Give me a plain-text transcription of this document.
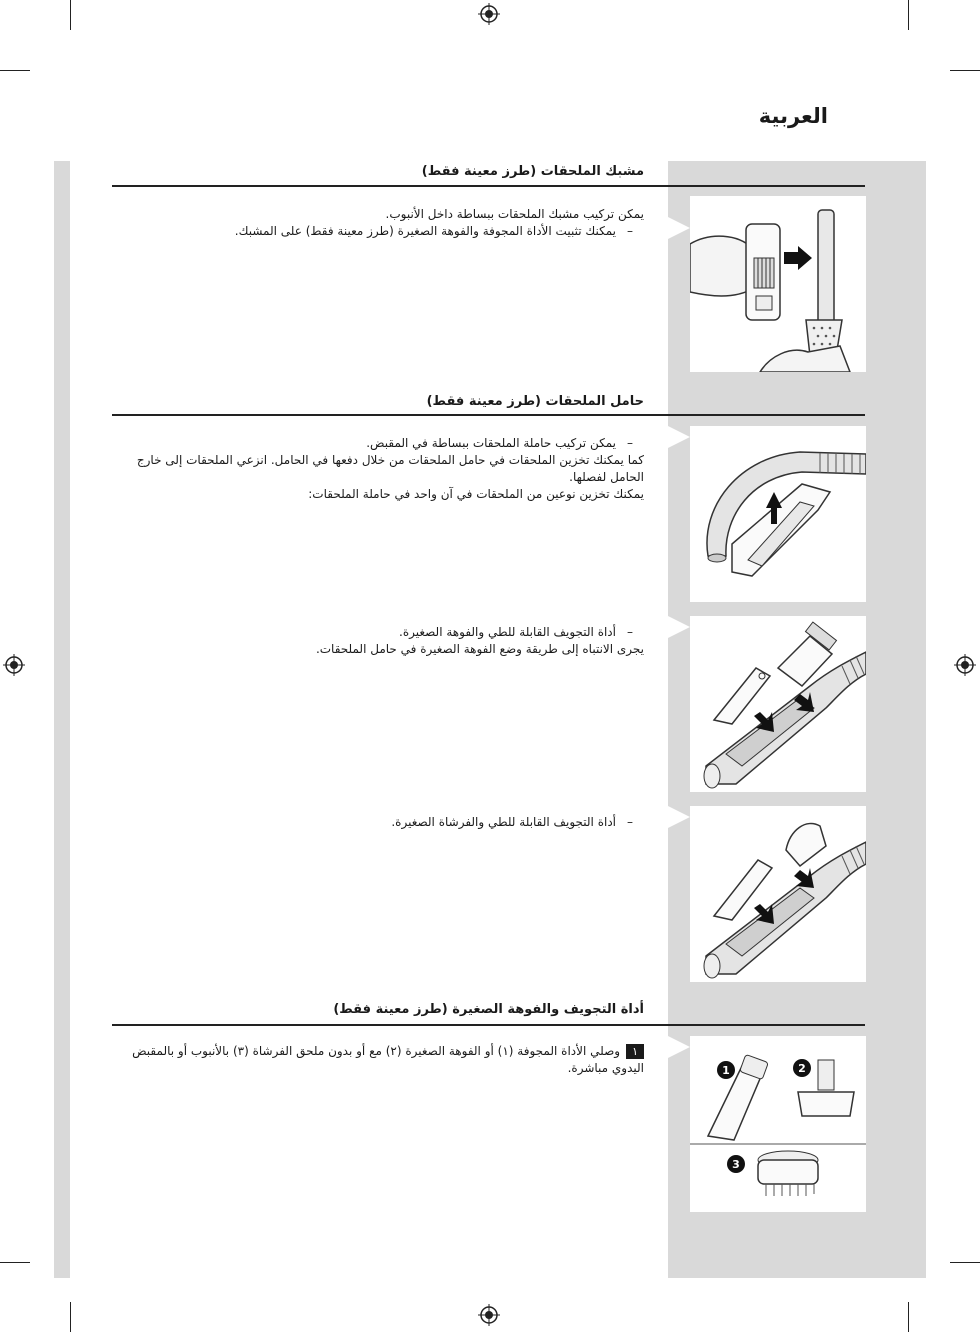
العربية
مشبك الملحقات (طرز معينة فقط)

يمكن تركيب مشبك الملحقات ببساطة داخل الأنبوب.

– يمكنك تثبيت الأداة المجوفة والفوهة الصغيرة (طرز معينة فقط) على المشبك.

حامل الملحقات (طرز معينة فقط)

– يمكن تركيب حاملة الملحقات ببساطة في المقبض.

كما يمكنك تخزين الملحقات في حامل الملحقات من خلال دفعها في الحامل. انزعي الملحقات إلى خارج الحامل لفصلها.

يمكنك تخزين نوعين من الملحقات في آن واحد في حاملة الملحقات:

– أداة التجويف القابلة للطي والفوهة الصغيرة.

يجرى الانتباه إلى طريقة وضع الفوهة الصغيرة في حامل الملحقات.

– أداة التجويف القابلة للطي والفرشاة الصغيرة.

أداة التجويف والفوهة الصغيرة (طرز معينة فقط)

١وصلي الأداة المجوفة (١) أو الفوهة الصغيرة (٢) مع أو بدون ملحق الفرشاة (٣) بالأنبوب أو بالمقبض اليدوي مباشرة.	1	2
3
